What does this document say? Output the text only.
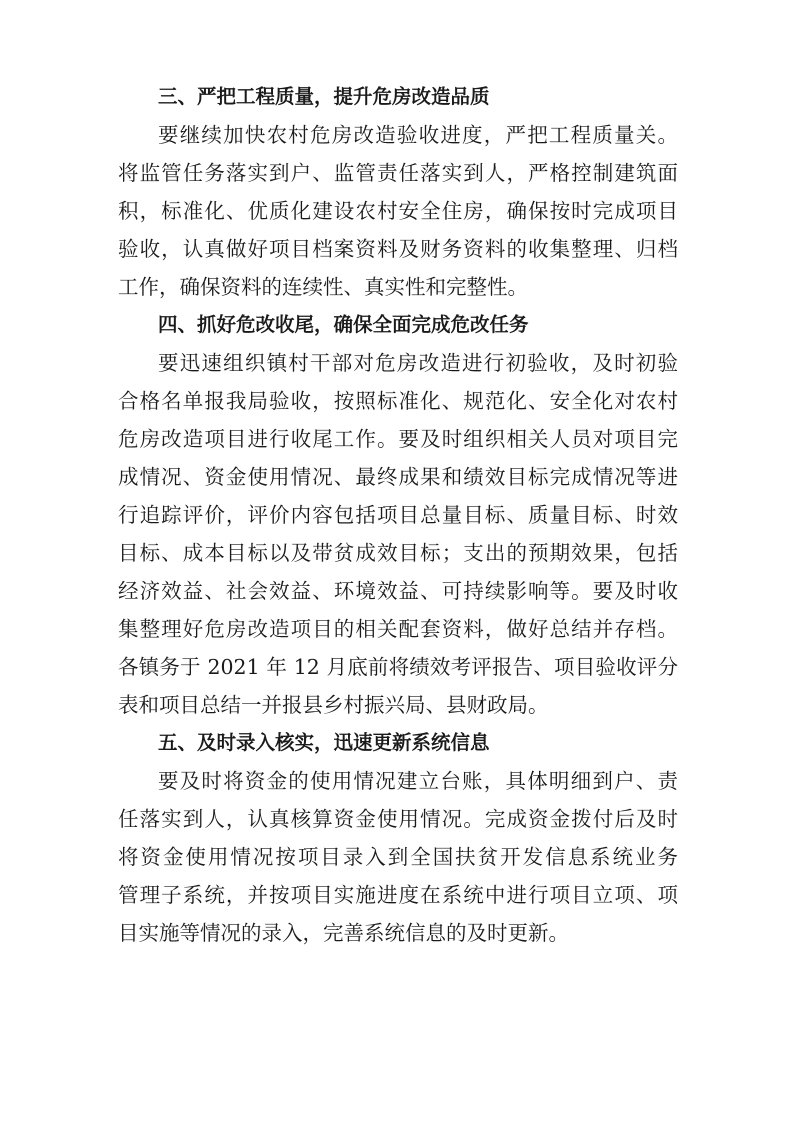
三、严把工程质量，提升危房改造品质
要继续加快农村危房改造验收进度，严把工程质量关。
将监管任务落实到户、监管责任落实到人，严格控制建筑面
积，标准化、优质化建设农村安全住房，确保按时完成项目
验收，认真做好项目档案资料及财务资料的收集整理、归档
工作，确保资料的连续性、真实性和完整性。
四、抓好危改收尾，确保全面完成危改任务
要迅速组织镇村干部对危房改造进行初验收，及时初验
合格名单报我局验收，按照标准化、规范化、安全化对农村
危房改造项目进行收尾工作。要及时组织相关人员对项目完
成情况、资金使用情况、最终成果和绩效目标完成情况等进
行追踪评价，评价内容包括项目总量目标、质量目标、时效
目标、成本目标以及带贫成效目标；支出的预期效果，包括
经济效益、社会效益、环境效益、可持续影响等。要及时收
集整理好危房改造项目的相关配套资料，做好总结并存档。
各镇务于 2021 年 12 月底前将绩效考评报告、项目验收评分
表和项目总结一并报县乡村振兴局、县财政局。
五、及时录入核实，迅速更新系统信息
要及时将资金的使用情况建立台账，具体明细到户、责
任落实到人，认真核算资金使用情况。完成资金拨付后及时
将资金使用情况按项目录入到全国扶贫开发信息系统业务
管理子系统，并按项目实施进度在系统中进行项目立项、项
目实施等情况的录入，完善系统信息的及时更新。
